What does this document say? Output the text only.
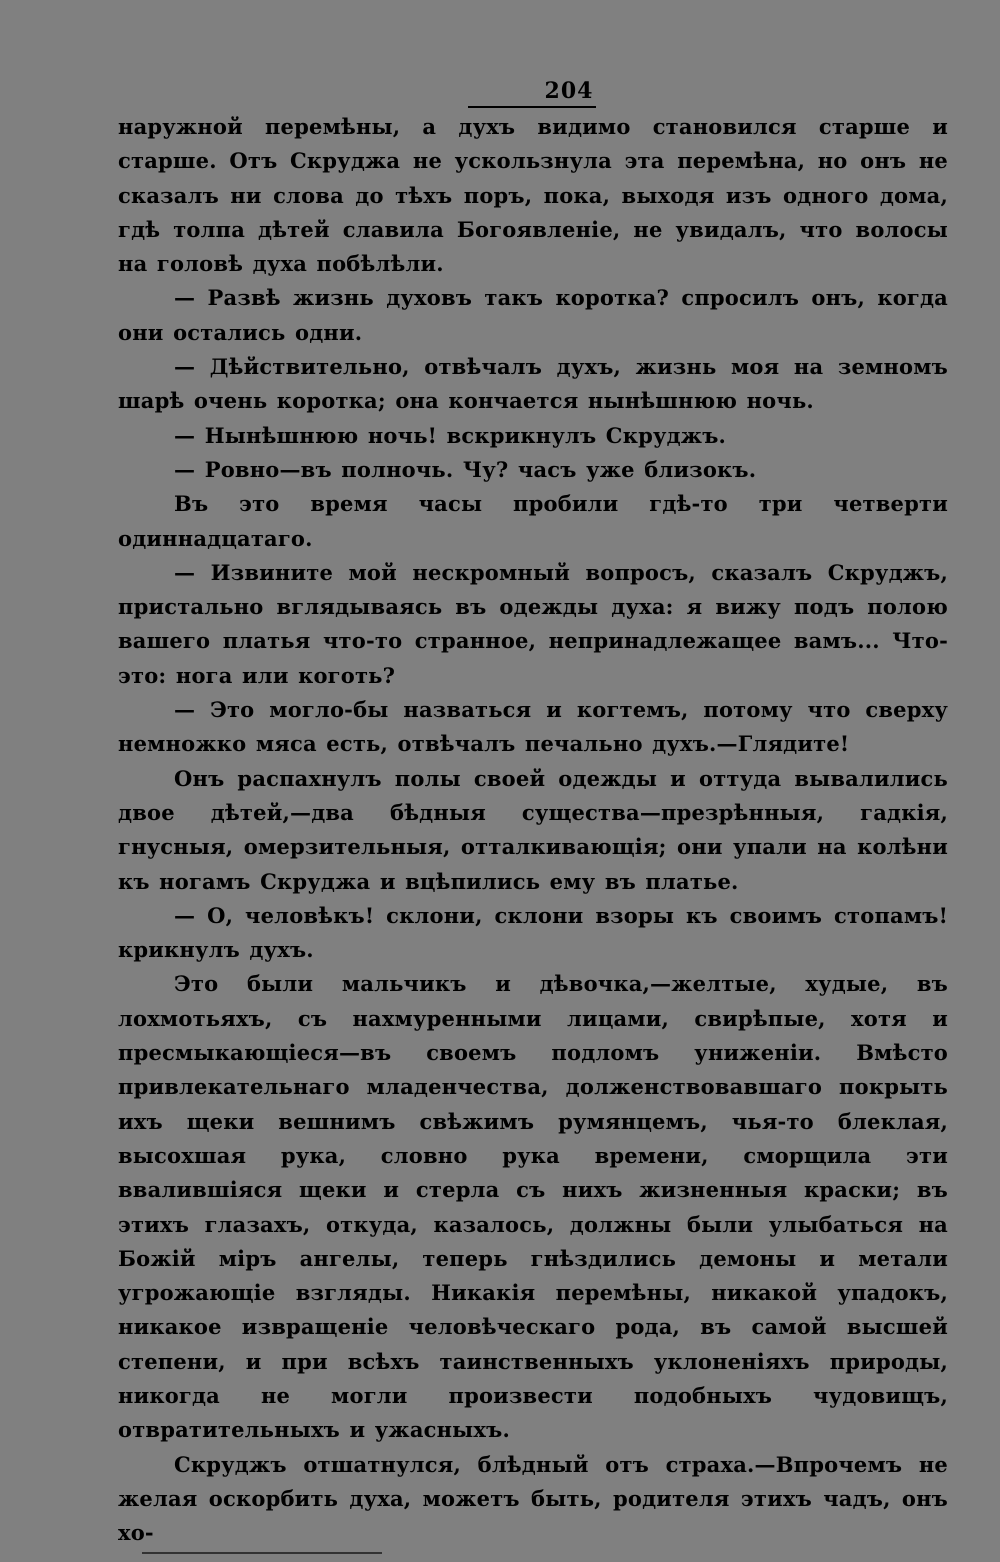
204

наружной перемѣны, а духъ видимо становился старше и старше. Отъ Скруджа не ускользнула эта перемѣна, но онъ не сказалъ ни слова до тѣхъ поръ, пока, выходя изъ одного дома, гдѣ толпа дѣтей славила Богоявленіе, не увидалъ, что волосы на головѣ духа побѣлѣли.

— Развѣ жизнь духовъ такъ коротка? спросилъ онъ, когда они остались одни.

— Дѣйствительно, отвѣчалъ духъ, жизнь моя на земномъ шарѣ очень коротка; она кончается нынѣшнюю ночь.

— Нынѣшнюю ночь! вскрикнулъ Скруджъ.

— Ровно—въ полночь. Чу? часъ уже близокъ.

Въ это время часы пробили гдѣ-то три четверти одиннадцатаго.

— Извините мой нескромный вопросъ, сказалъ Скруджъ, пристально вглядываясь въ одежды духа: я вижу подъ полою вашего платья что-то странное, непринадлежащее вамъ... Что-это: нога или коготь?

— Это могло-бы назваться и когтемъ, потому что сверху немножко мяса есть, отвѣчалъ печально духъ.—Глядите!

Онъ распахнулъ полы своей одежды и оттуда вывалились двое дѣтей,—два бѣдныя существа—презрѣнныя, гадкія, гнусныя, омерзительныя, отталкивающія; они упали на колѣни къ ногамъ Скруджа и вцѣпились ему въ платье.

— О, человѣкъ! склони, склони взоры къ своимъ стопамъ! крикнулъ духъ.

Это были мальчикъ и дѣвочка,—желтые, худые, въ лохмотьяхъ, съ нахмуренными лицами, свирѣпые, хотя и пресмыкающіеся—въ своемъ подломъ униженіи. Вмѣсто привлекательнаго младенчества, долженствовавшаго покрыть ихъ щеки вешнимъ свѣжимъ румянцемъ, чья-то блеклая, высохшая рука, словно рука времени, сморщила эти ввалившіяся щеки и стерла съ нихъ жизненныя краски; въ этихъ глазахъ, откуда, казалось, должны были улыбаться на Божій міръ ангелы, теперь гнѣздились демоны и метали угрожающіе взгляды. Никакія перемѣны, никакой упадокъ, никакое извращеніе человѣческаго рода, въ самой высшей степени, и при всѣхъ таинственныхъ уклоненіяхъ природы, никогда не могли произвести подобныхъ чудовищъ, отвратительныхъ и ужасныхъ.

Скруджъ отшатнулся, блѣдный отъ страха.—Впрочемъ не желая оскорбить духа, можетъ быть, родителя этихъ чадъ, онъ хо-
